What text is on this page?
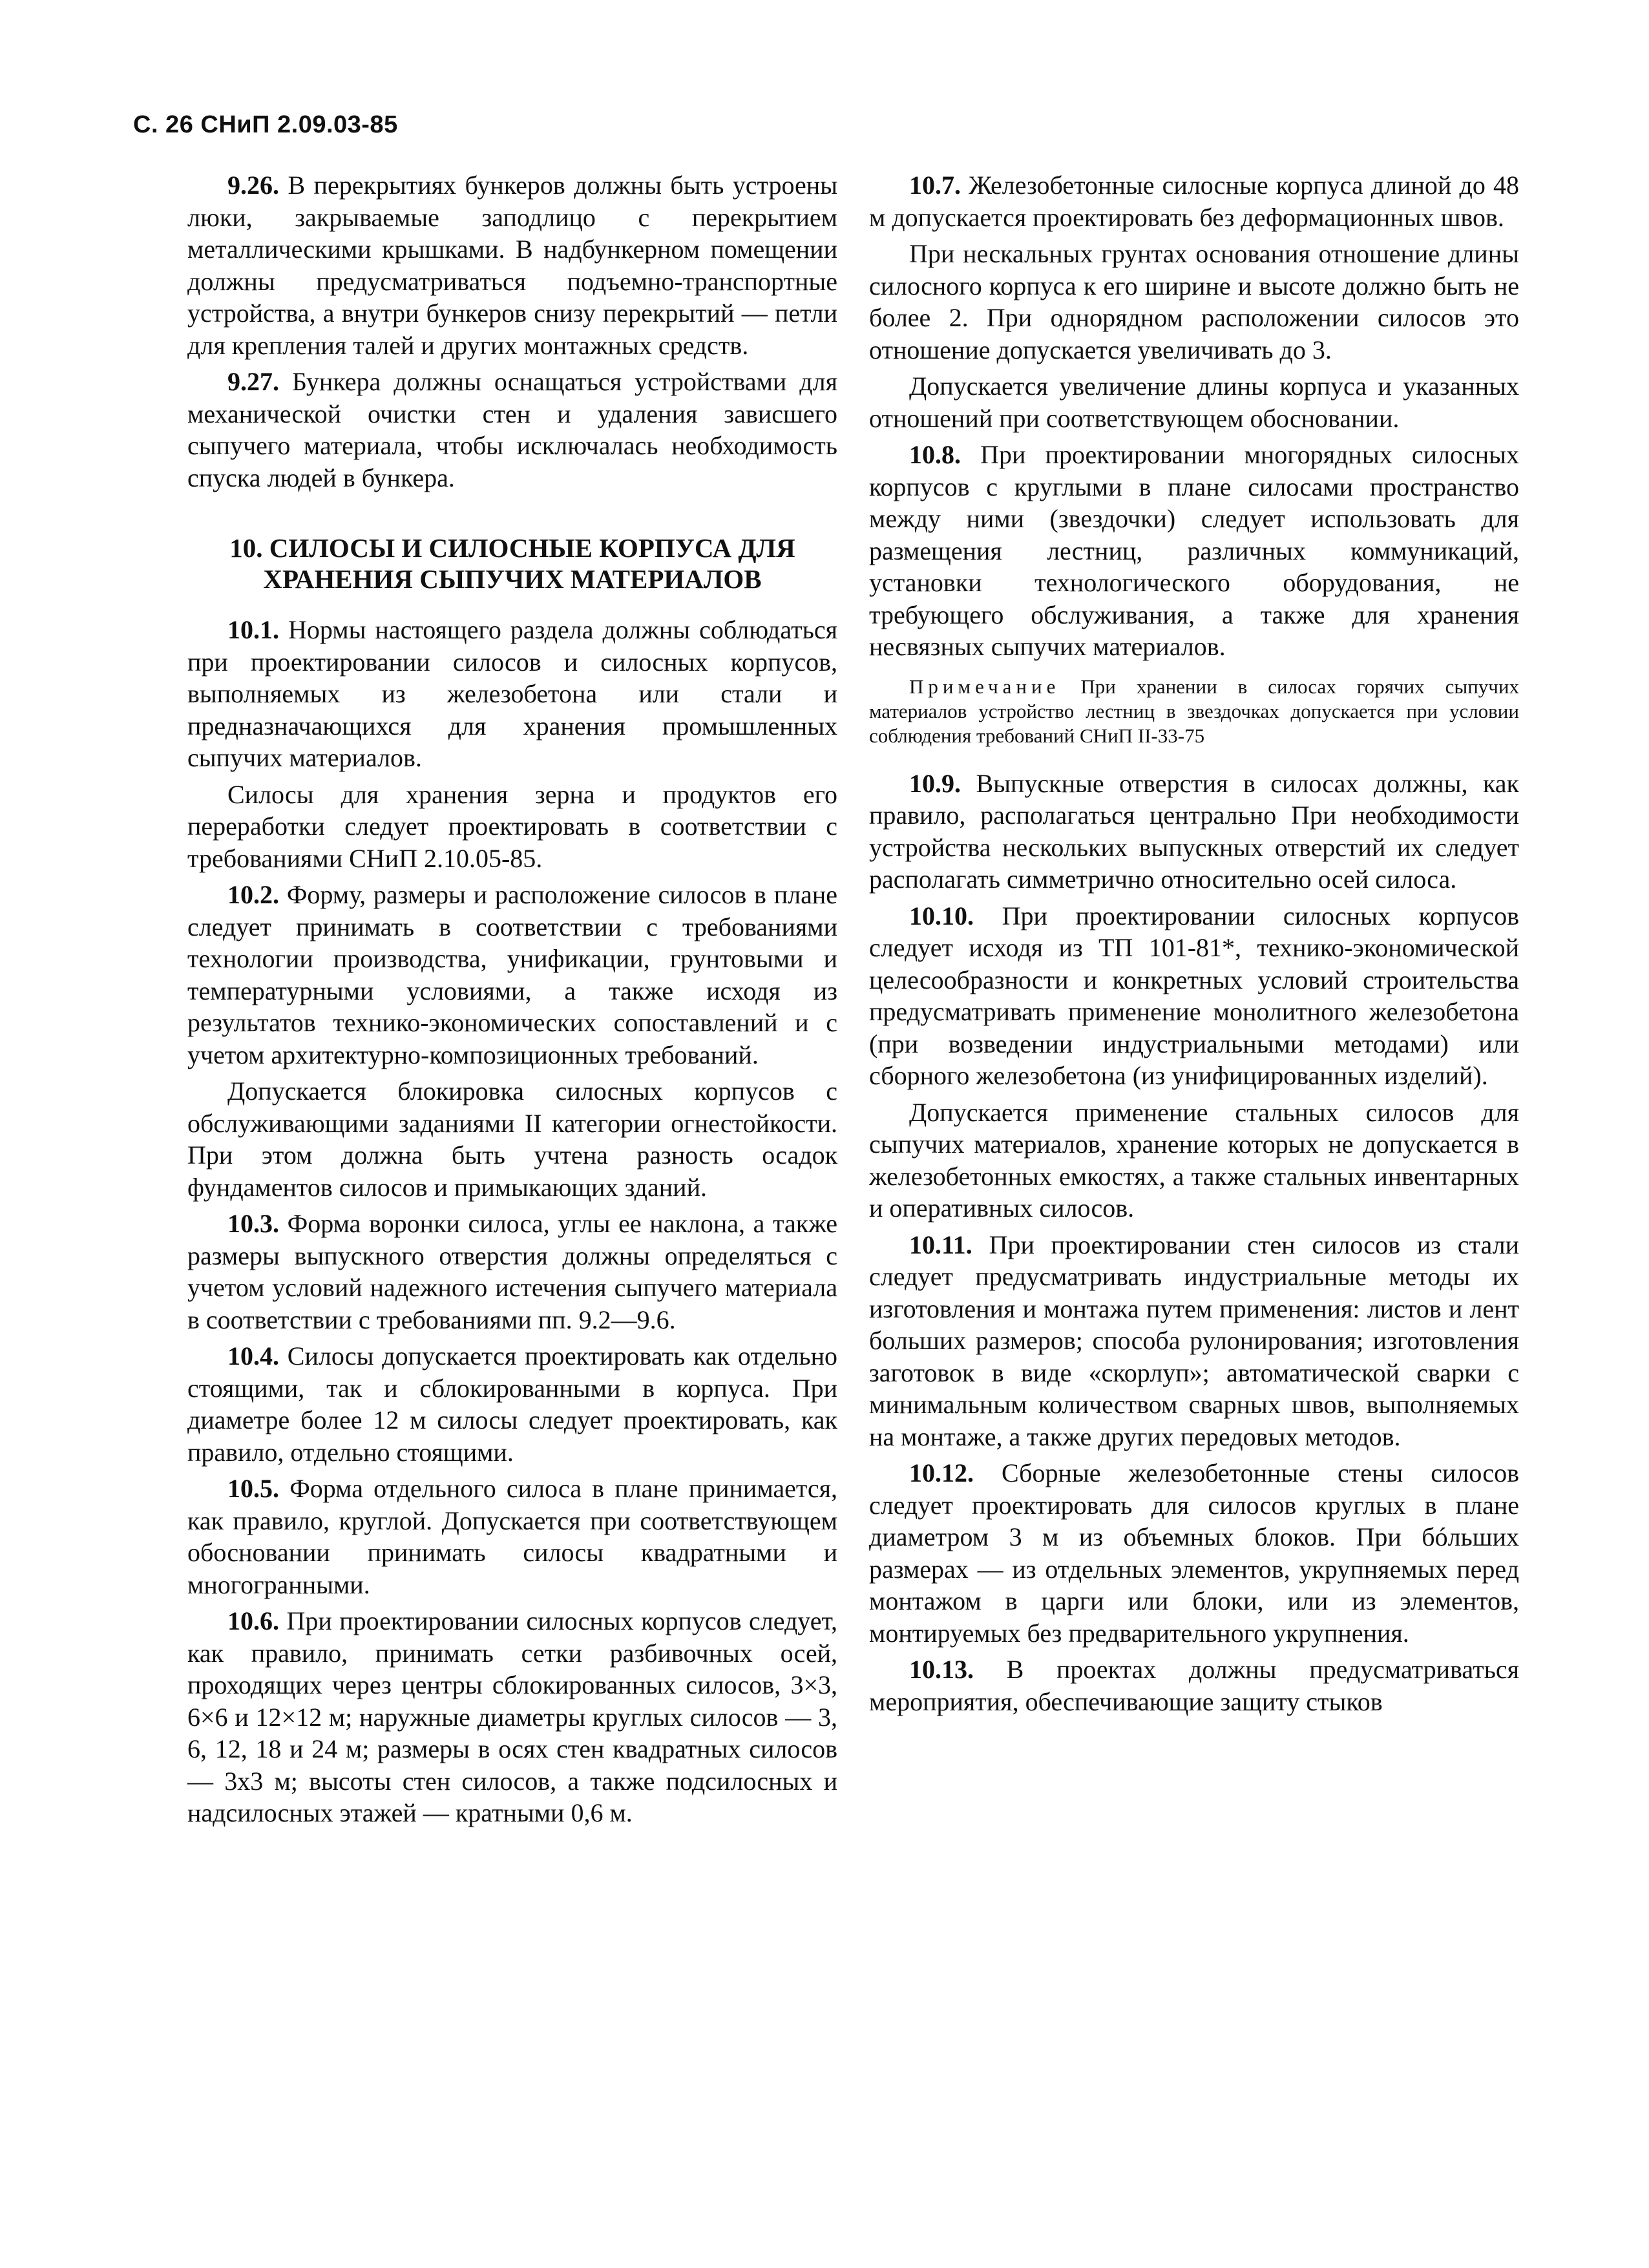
С. 26 СНиП 2.09.03-85

9.26. В перекрытиях бункеров должны быть устроены люки, закрываемые заподлицо с перекрытием металлическими крышками. В надбункерном помещении должны предусматриваться подъемно-транспортные устройства, а внутри бункеров снизу перекрытий — петли для крепления талей и других монтажных средств.

9.27. Бункера должны оснащаться устройствами для механической очистки стен и удаления зависшего сыпучего материала, чтобы исключалась необходимость спуска людей в бункера.

10. СИЛОСЫ И СИЛОСНЫЕ КОРПУСА ДЛЯ ХРАНЕНИЯ СЫПУЧИХ МАТЕРИАЛОВ

10.1. Нормы настоящего раздела должны соблюдаться при проектировании силосов и силосных корпусов, выполняемых из железобетона или стали и предназначающихся для хранения промышленных сыпучих материалов.

Силосы для хранения зерна и продуктов его переработки следует проектировать в соответствии с требованиями СНиП 2.10.05-85.

10.2. Форму, размеры и расположение силосов в плане следует принимать в соответствии с требованиями технологии производства, унификации, грунтовыми и температурными условиями, а также исходя из результатов технико-экономических сопоставлений и с учетом архитектурно-композиционных требований.

Допускается блокировка силосных корпусов с обслуживающими заданиями II категории огнестойкости. При этом должна быть учтена разность осадок фундаментов силосов и примыкающих зданий.

10.3. Форма воронки силоса, углы ее наклона, а также размеры выпускного отверстия должны определяться с учетом условий надежного истечения сыпучего материала в соответствии с требованиями пп. 9.2—9.6.

10.4. Силосы допускается проектировать как отдельно стоящими, так и сблокированными в корпуса. При диаметре более 12 м силосы следует проектировать, как правило, отдельно стоящими.

10.5. Форма отдельного силоса в плане принимается, как правило, круглой. Допускается при соответствующем обосновании принимать силосы квадратными и многогранными.

10.6. При проектировании силосных корпусов следует, как правило, принимать сетки разбивочных осей, проходящих через центры сблокированных силосов, 3×3, 6×6 и 12×12 м; наружные диаметры круглых силосов — 3, 6, 12, 18 и 24 м; размеры в осях стен квадратных силосов — 3х3 м; высоты стен силосов, а также подсилосных и надсилосных этажей — кратными 0,6 м.

10.7. Железобетонные силосные корпуса длиной до 48 м допускается проектировать без деформационных швов.

При нескальных грунтах основания отношение длины силосного корпуса к его ширине и высоте должно быть не более 2. При однорядном расположении силосов это отношение допускается увеличивать до 3.

Допускается увеличение длины корпуса и указанных отношений при соответствующем обосновании.

10.8. При проектировании многорядных силосных корпусов с круглыми в плане силосами пространство между ними (звездочки) следует использовать для размещения лестниц, различных коммуникаций, установки технологического оборудования, не требующего обслуживания, а также для хранения несвязных сыпучих материалов.

Примечание При хранении в силосах горячих сыпучих материалов устройство лестниц в звездочках допускается при условии соблюдения требований СНиП II-33-75

10.9. Выпускные отверстия в силосах должны, как правило, располагаться центрально При необходимости устройства нескольких выпускных отверстий их следует располагать симметрично относительно осей силоса.

10.10. При проектировании силосных корпусов следует исходя из ТП 101-81*, технико-экономической целесообразности и конкретных условий строительства предусматривать применение монолитного железобетона (при возведении индустриальными методами) или сборного железобетона (из унифицированных изделий).

Допускается применение стальных силосов для сыпучих материалов, хранение которых не допускается в железобетонных емкостях, а также стальных инвентарных и оперативных силосов.

10.11. При проектировании стен силосов из стали следует предусматривать индустриальные методы их изготовления и монтажа путем применения: листов и лент больших размеров; способа рулонирования; изготовления заготовок в виде «скорлуп»; автоматической сварки с минимальным количеством сварных швов, выполняемых на монтаже, а также других передовых методов.

10.12. Сборные железобетонные стены силосов следует проектировать для силосов круглых в плане диаметром 3 м из объемных блоков. При бóльших размерах — из отдельных элементов, укрупняемых перед монтажом в царги или блоки, или из элементов, монтируемых без предварительного укрупнения.

10.13. В проектах должны предусматриваться мероприятия, обеспечивающие защиту стыков
